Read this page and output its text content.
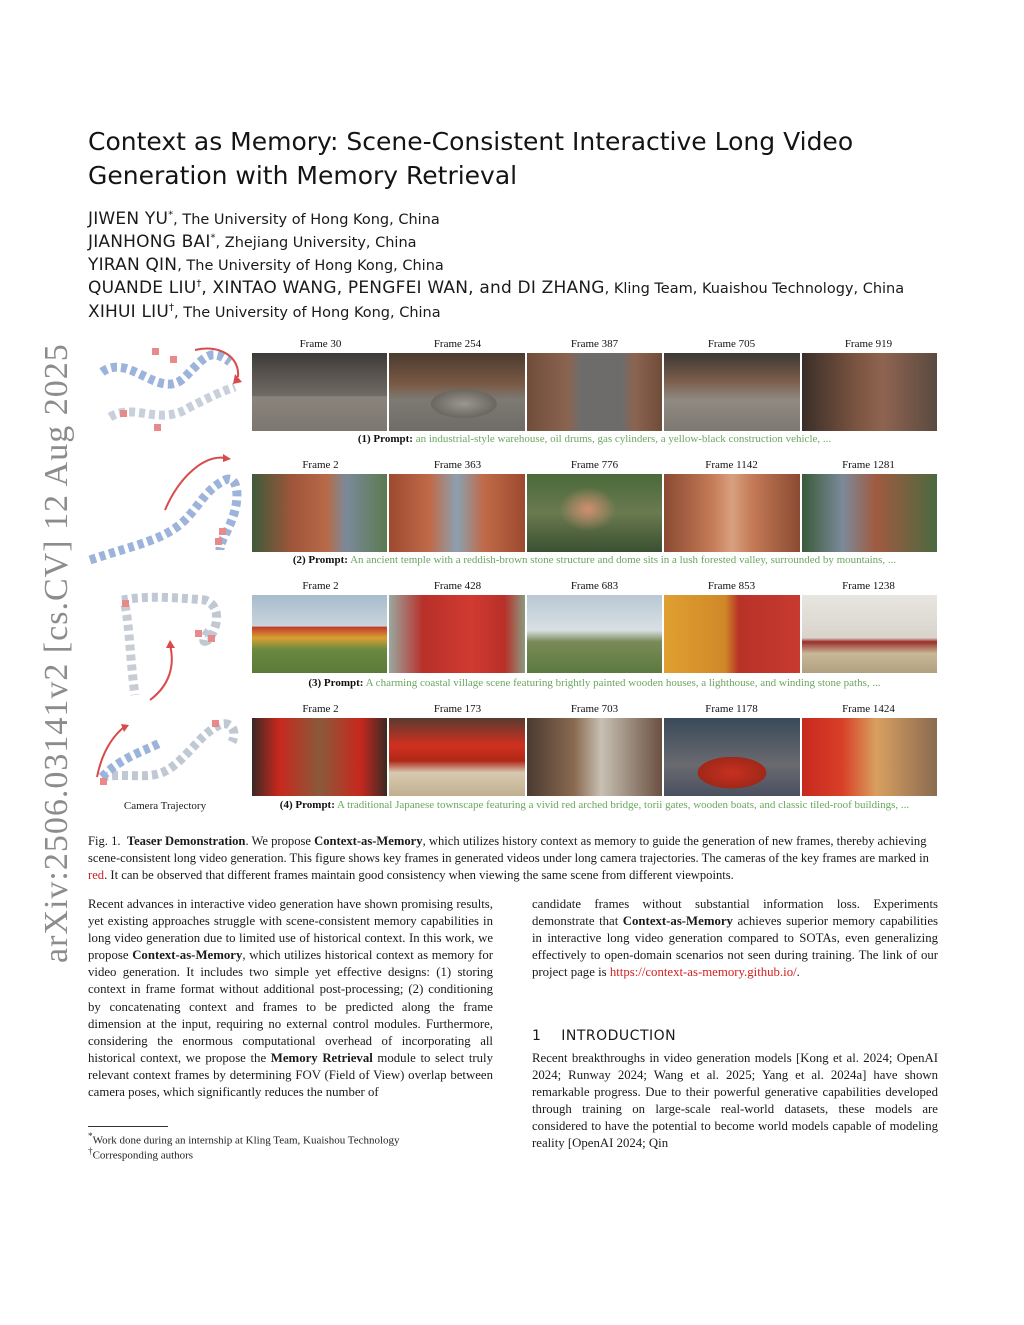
arXiv:2506.03141v2 [cs.CV] 12 Aug 2025
Context as Memory: Scene-Consistent Interactive Long Video Generation with Memory Retrieval
JIWEN YU*, The University of Hong Kong, China
JIANHONG BAI*, Zhejiang University, China
YIRAN QIN, The University of Hong Kong, China
QUANDE LIU†, XINTAO WANG, PENGFEI WAN, and DI ZHANG, Kling Team, Kuaishou Technology, China
XIHUI LIU†, The University of Hong Kong, China
Frame 30	Frame 254	Frame 387	Frame 705	Frame 919
(1) Prompt: an industrial-style warehouse, oil drums, gas cylinders, a yellow-black construction vehicle, ...
Frame 2	Frame 363	Frame 776	Frame 1142	Frame 1281
(2) Prompt: An ancient temple with a reddish-brown stone structure and dome sits in a lush forested valley, surrounded by mountains, ...
Frame 2	Frame 428	Frame 683	Frame 853	Frame 1238
(3) Prompt: A charming coastal village scene featuring brightly painted wooden houses, a lighthouse, and winding stone paths, ...
Frame 2	Frame 173	Frame 703	Frame 1178	Frame 1424
(4) Prompt: A traditional Japanese townscape featuring a vivid red arched bridge, torii gates, wooden boats, and classic tiled-roof buildings, ...
Camera Trajectory
Fig. 1. Teaser Demonstration. We propose Context-as-Memory, which utilizes history context as memory to guide the generation of new frames, thereby achieving scene-consistent long video generation. This figure shows key frames in generated videos under long camera trajectories. The cameras of the key frames are marked in red. It can be observed that different frames maintain good consistency when viewing the same scene from different viewpoints.
Recent advances in interactive video generation have shown promising results, yet existing approaches struggle with scene-consistent memory capabilities in long video generation due to limited use of historical context. In this work, we propose Context-as-Memory, which utilizes historical context as memory for video generation. It includes two simple yet effective designs: (1) storing context in frame format without additional post-processing; (2) conditioning by concatenating context and frames to be predicted along the frame dimension at the input, requiring no external control modules. Furthermore, considering the enormous computational overhead of incorporating all historical context, we propose the Memory Retrieval module to select truly relevant context frames by determining FOV (Field of View) overlap between camera poses, which significantly reduces the number of
candidate frames without substantial information loss. Experiments demonstrate that Context-as-Memory achieves superior memory capabilities in interactive long video generation compared to SOTAs, even generalizing effectively to open-domain scenarios not seen during training. The link of our project page is https://context-as-memory.github.io/.
1 INTRODUCTION
Recent breakthroughs in video generation models [Kong et al. 2024; OpenAI 2024; Runway 2024; Wang et al. 2025; Yang et al. 2024a] have shown remarkable progress. Due to their powerful generative capabilities developed through training on large-scale real-world datasets, these models are considered to have the potential to become world models capable of modeling reality [OpenAI 2024; Qin
*Work done during an internship at Kling Team, Kuaishou Technology
†Corresponding authors
